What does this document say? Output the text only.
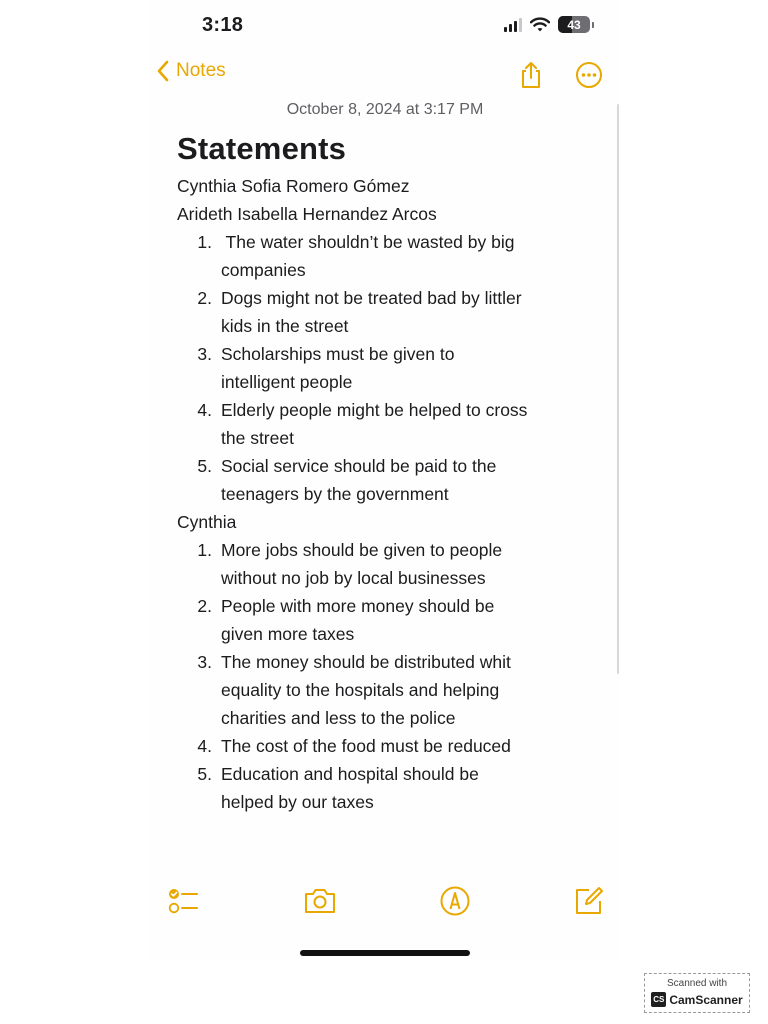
3:18	43
Notes
October 8, 2024 at 3:17 PM
Statements
Cynthia Sofia Romero Gómez
Arideth Isabella Hernandez Arcos
1. The water shouldn’t be wasted by big
companies
2. Dogs might not be treated bad by littler
kids in the street
3. Scholarships must be given to
intelligent people
4. Elderly people might be helped to cross
the street
5. Social service should be paid to the
teenagers by the government
Cynthia
1. More jobs should be given to people
without no job by local businesses
2. People with more money should be
given more taxes
3. The money should be distributed whit
equality to the hospitals and helping
charities and less to the police
4. The cost of the food must be reduced
5. Education and hospital should be
helped by our taxes
Scanned with
CS CamScanner
